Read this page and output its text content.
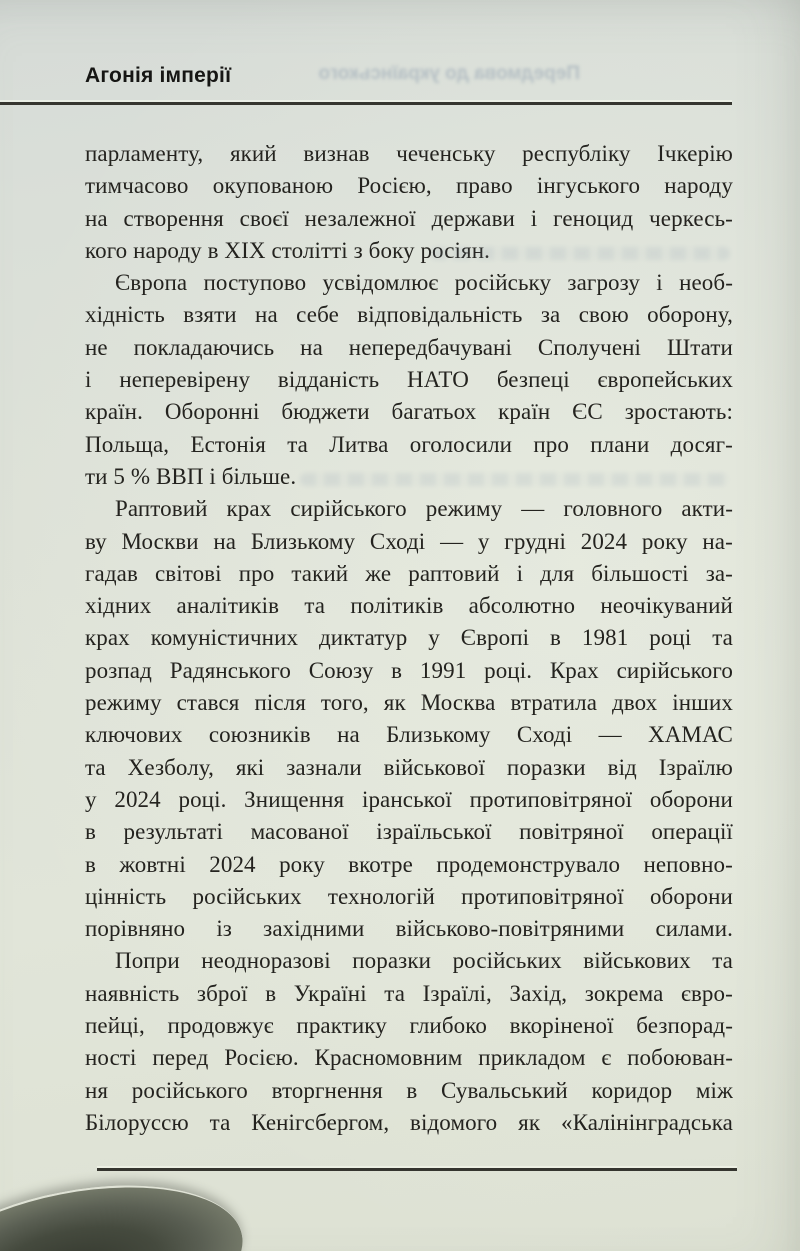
Передмова до українського
Агонія імперії
парламенту, який визнав чеченську республіку Ічкерію
тимчасово окупованою Росією, право інгуського народу
на створення своєї незалежної держави і геноцид черкесь-
кого народу в XIX столітті з боку росіян.
Європа поступово усвідомлює російську загрозу і необ-
хідність взяти на себе відповідальність за свою оборону,
не покладаючись на непередбачувані Сполучені Штати
і неперевірену відданість НАТО безпеці європейських
країн. Оборонні бюджети багатьох країн ЄС зростають:
Польща, Естонія та Литва оголосили про плани досяг-
ти 5 % ВВП і більше.
Раптовий крах сирійського режиму — головного акти-
ву Москви на Близькому Сході — у грудні 2024 року на-
гадав світові про такий же раптовий і для більшості за-
хідних аналітиків та політиків абсолютно неочікуваний
крах комуністичних диктатур у Європі в 1981 році та
розпад Радянського Союзу в 1991 році. Крах сирійського
режиму стався після того, як Москва втратила двох інших
ключових союзників на Близькому Сході — ХАМАС
та Хезболу, які зазнали військової поразки від Ізраїлю
у 2024 році. Знищення іранської протиповітряної оборони
в результаті масованої ізраїльської повітряної операції
в жовтні 2024 року вкотре продемонструвало неповно-
цінність російських технологій протиповітряної оборони
порівняно із західними військово-повітряними силами.
Попри неодноразові поразки російських військових та
наявність зброї в Україні та Ізраїлі, Захід, зокрема євро-
пейці, продовжує практику глибоко вкоріненої безпорад-
ності перед Росією. Красномовним прикладом є побоюван-
ня російського вторгнення в Сувальський коридор між
Білоруссю та Кенігсбергом, відомого як «Калінінградська
